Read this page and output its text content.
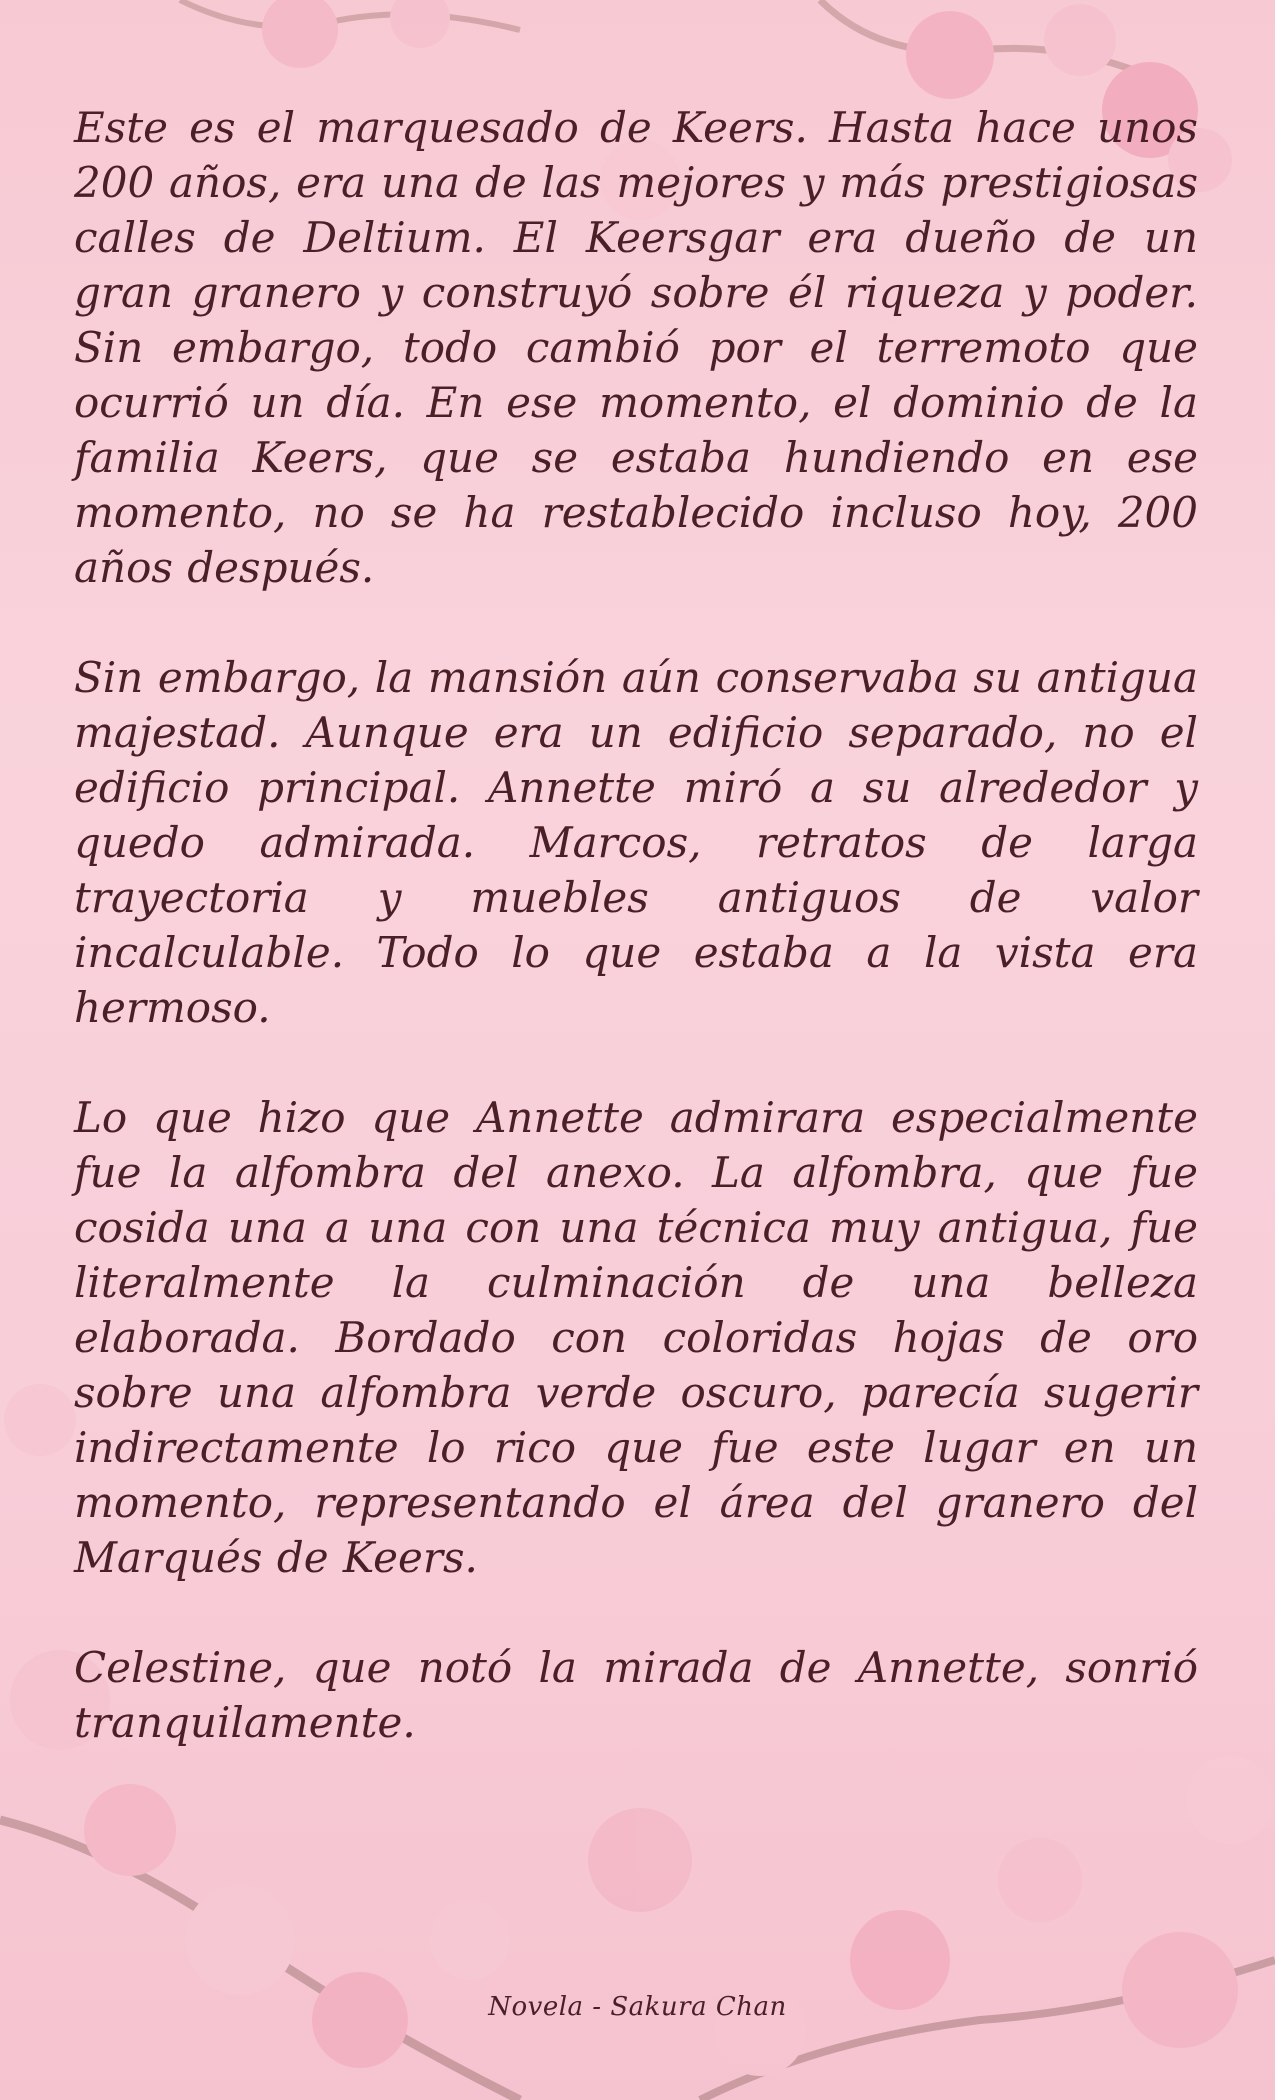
Este es el marquesado de Keers. Hasta hace unos 200 años, era una de las mejores y más prestigiosas calles de Deltium. El Keersgar era dueño de un gran granero y construyó sobre él riqueza y poder. Sin embargo, todo cambió por el terremoto que ocurrió un día. En ese momento, el dominio de la familia Keers, que se estaba hundiendo en ese momento, no se ha restablecido incluso hoy, 200 años después.

Sin embargo, la mansión aún conservaba su antigua majestad. Aunque era un edificio separado, no el edificio principal. Annette miró a su alrededor y quedo admirada. Marcos, retratos de larga trayectoria y muebles antiguos de valor incalculable. Todo lo que estaba a la vista era hermoso.

Lo que hizo que Annette admirara especialmente fue la alfombra del anexo. La alfombra, que fue cosida una a una con una técnica muy antigua, fue literalmente la culminación de una belleza elaborada. Bordado con coloridas hojas de oro sobre una alfombra verde oscuro, parecía sugerir indirectamente lo rico que fue este lugar en un momento, representando el área del granero del Marqués de Keers.

Celestine, que notó la mirada de Annette, sonrió tranquilamente.

Novela - Sakura Chan
